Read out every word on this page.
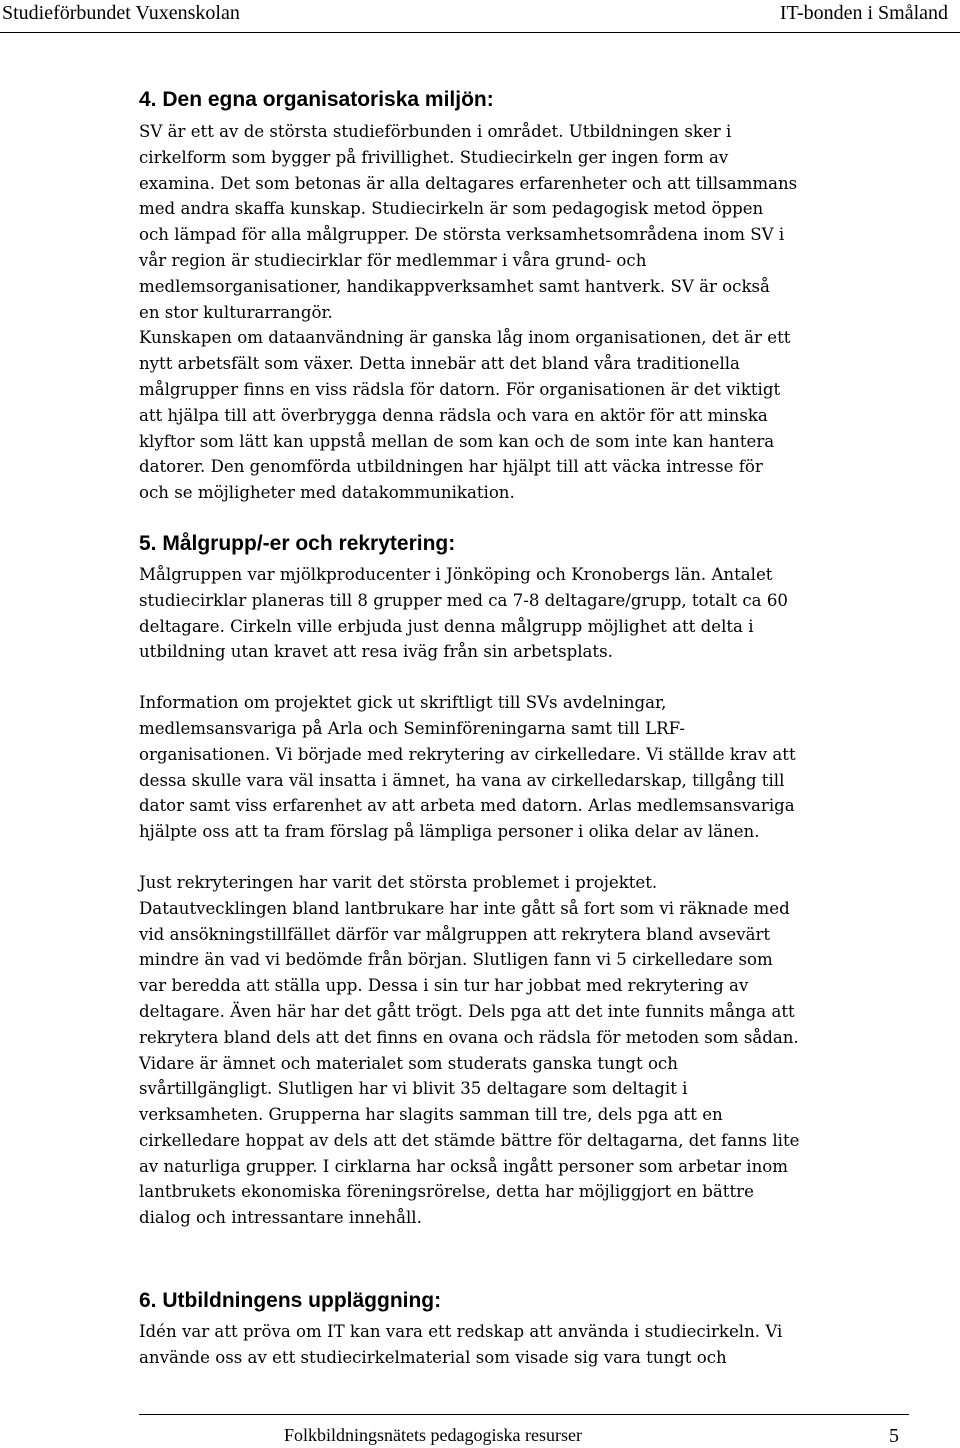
Studieförbundet Vuxenskolan	IT-bonden i Småland
4. Den egna organisatoriska miljön:

SV är ett av de största studieförbunden i området. Utbildningen sker i
cirkelform som bygger på frivillighet. Studiecirkeln ger ingen form av
examina. Det som betonas är alla deltagares erfarenheter och att tillsammans
med andra skaffa kunskap. Studiecirkeln är som pedagogisk metod öppen
och lämpad för alla målgrupper. De största verksamhetsområdena inom SV i
vår region är studiecirklar för medlemmar i våra grund- och
medlemsorganisationer, handikappverksamhet samt hantverk. SV är också
en stor kulturarrangör.
Kunskapen om dataanvändning är ganska låg inom organisationen, det är ett
nytt arbetsfält som växer. Detta innebär att det bland våra traditionella
målgrupper finns en viss rädsla för datorn. För organisationen är det viktigt
att hjälpa till att överbrygga denna rädsla och vara en aktör för att minska
klyftor som lätt kan uppstå mellan de som kan och de som inte kan hantera
datorer. Den genomförda utbildningen har hjälpt till att väcka intresse för
och se möjligheter med datakommunikation.

5. Målgrupp/-er och rekrytering:

Målgruppen var mjölkproducenter i Jönköping och Kronobergs län. Antalet
studiecirklar planeras till 8 grupper med ca 7-8 deltagare/grupp, totalt ca 60
deltagare. Cirkeln ville erbjuda just denna målgrupp möjlighet att delta i
utbildning utan kravet att resa iväg från sin arbetsplats.

Information om projektet gick ut skriftligt till SVs avdelningar,
medlemsansvariga på Arla och Seminföreningarna samt till LRF-
organisationen. Vi började med rekrytering av cirkelledare. Vi ställde krav att
dessa skulle vara väl insatta i ämnet, ha vana av cirkelledarskap, tillgång till
dator samt viss erfarenhet av att arbeta med datorn. Arlas medlemsansvariga
hjälpte oss att ta fram förslag på lämpliga personer i olika delar av länen.

Just rekryteringen har varit det största problemet i projektet.
Datautvecklingen bland lantbrukare har inte gått så fort som vi räknade med
vid ansökningstillfället därför var målgruppen att rekrytera bland avsevärt
mindre än vad vi bedömde från början. Slutligen fann vi 5 cirkelledare som
var beredda att ställa upp. Dessa i sin tur har jobbat med rekrytering av
deltagare. Även här har det gått trögt. Dels pga att det inte funnits många att
rekrytera bland dels att det finns en ovana och rädsla för metoden som sådan.
Vidare är ämnet och materialet som studerats ganska tungt och
svårtillgängligt. Slutligen har vi blivit 35 deltagare som deltagit i
verksamheten. Grupperna har slagits samman till tre, dels pga att en
cirkelledare hoppat av dels att det stämde bättre för deltagarna, det fanns lite
av naturliga grupper. I cirklarna har också ingått personer som arbetar inom
lantbrukets ekonomiska föreningsrörelse, detta har möjliggjort en bättre
dialog och intressantare innehåll.

6. Utbildningens uppläggning:

Idén var att pröva om IT kan vara ett redskap att använda i studiecirkeln. Vi
använde oss av ett studiecirkelmaterial som visade sig vara tungt och

Folkbildningsnätets pedagogiska resurser	5
